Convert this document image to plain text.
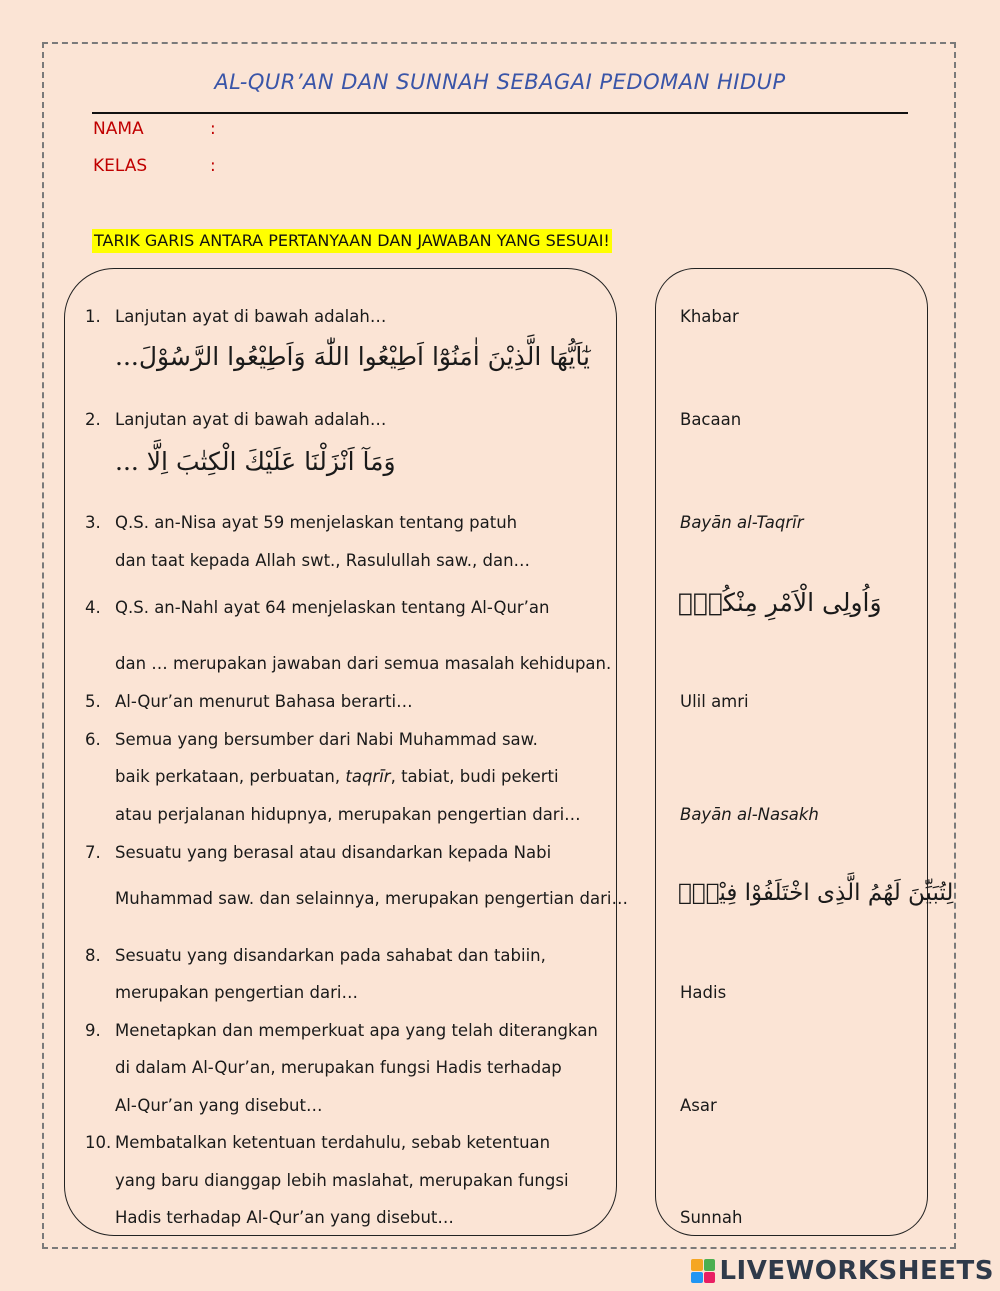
AL-QUR’AN DAN SUNNAH SEBAGAI PEDOMAN HIDUP
NAMA	:
KELAS	:
TARIK GARIS ANTARA PERTANYAAN DAN JAWABAN YANG SESUAI!
1. Lanjutan ayat di bawah adalah…
يٰٓاَيُّهَا الَّذِيْنَ اٰمَنُوْٓا اَطِيْعُوا اللّٰهَ وَاَطِيْعُوا الرَّسُوْلَ...
2. Lanjutan ayat di bawah adalah…
وَمَآ اَنْزَلْنَا عَلَيْكَ الْكِتٰبَ اِلَّا ...
3. Q.S. an-Nisa ayat 59 menjelaskan tentang patuh
dan taat kepada Allah swt., Rasulullah saw., dan…
4. Q.S. an-Nahl ayat 64 menjelaskan tentang Al-Qur’an
dan … merupakan jawaban dari semua masalah kehidupan.
5. Al-Qur’an menurut Bahasa berarti…
6. Semua yang bersumber dari Nabi Muhammad saw.
baik perkataan, perbuatan, taqrīr, tabiat, budi pekerti
atau perjalanan hidupnya, merupakan pengertian dari…
7. Sesuatu yang berasal atau disandarkan kepada Nabi
Muhammad saw. dan selainnya, merupakan pengertian dari…
8. Sesuatu yang disandarkan pada sahabat dan tabiin,
merupakan pengertian dari…
9. Menetapkan dan memperkuat apa yang telah diterangkan
di dalam Al-Qur’an, merupakan fungsi Hadis terhadap
Al-Qur’an yang disebut…
10. Membatalkan ketentuan terdahulu, sebab ketentuan
yang baru dianggap lebih maslahat, merupakan fungsi
Hadis terhadap Al-Qur’an yang disebut…
Khabar
Bacaan
Bayān al-Taqrīr
وَاُولِى الْاَمْرِ مِنْكُمْۚ
Ulil amri
Bayān al-Nasakh
لِتُبَيِّنَ لَهُمُ الَّذِى اخْتَلَفُوْا فِيْهِۙ
Hadis
Asar
Sunnah
LIVEWORKSHEETS
